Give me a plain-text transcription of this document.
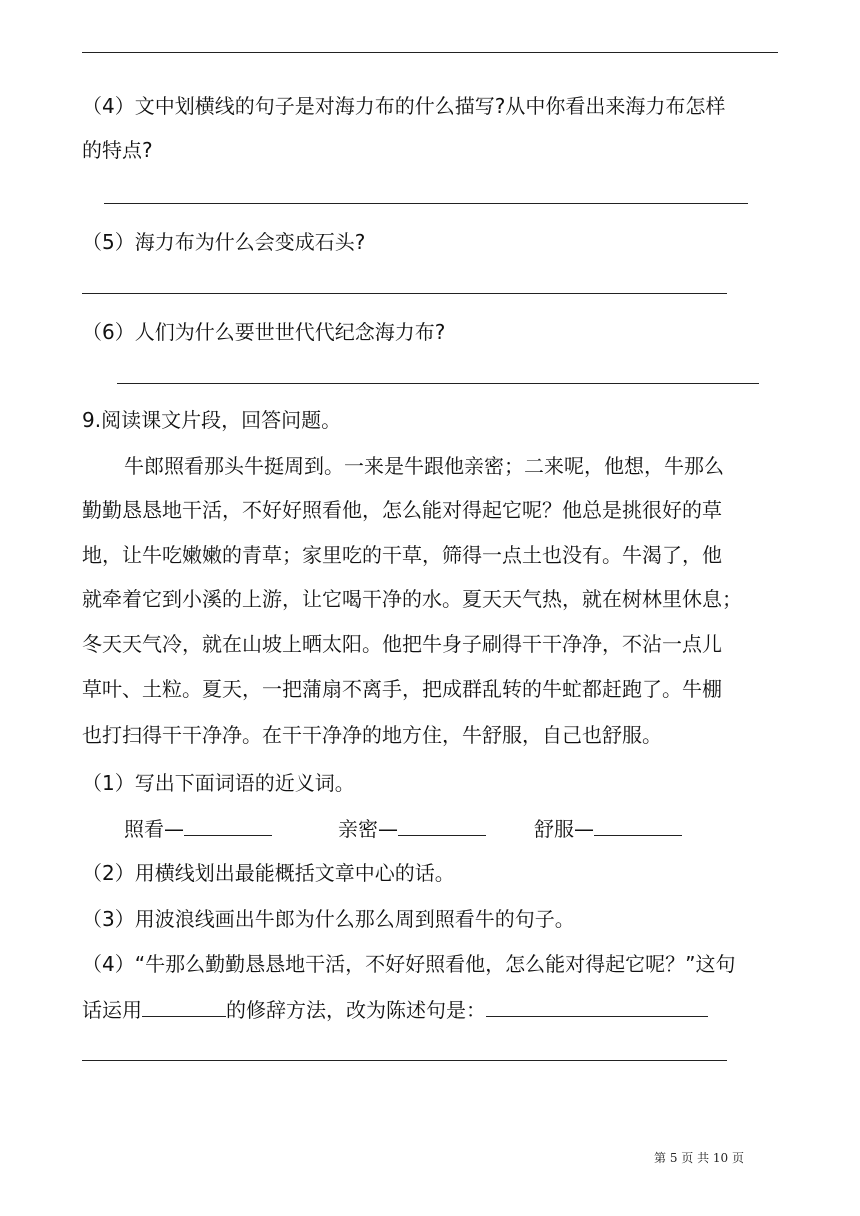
（4）文中划横线的句子是对海力布的什么描写?从中你看出来海力布怎样
的特点?
（5）海力布为什么会变成石头?
（6）人们为什么要世世代代纪念海力布?
9.阅读课文片段，回答问题。
牛郎照看那头牛挺周到。一来是牛跟他亲密；二来呢，他想，牛那么
勤勤恳恳地干活，不好好照看他，怎么能对得起它呢？他总是挑很好的草
地，让牛吃嫩嫩的青草；家里吃的干草，筛得一点土也没有。牛渴了，他
就牵着它到小溪的上游，让它喝干净的水。夏天天气热，就在树林里休息；
冬天天气冷，就在山坡上晒太阳。他把牛身子刷得干干净净，不沾一点儿
草叶、土粒。夏天，一把蒲扇不离手，把成群乱转的牛虻都赶跑了。牛棚
也打扫得干干净净。在干干净净的地方住，牛舒服，自己也舒服。
（1）写出下面词语的近义词。
照看—	亲密—	舒服—
（2）用横线划出最能概括文章中心的话。
（3）用波浪线画出牛郎为什么那么周到照看牛的句子。
（4）“牛那么勤勤恳恳地干活，不好好照看他，怎么能对得起它呢？”这句
话运用	的修辞方法，改为陈述句是：
第 5 页 共 10 页
